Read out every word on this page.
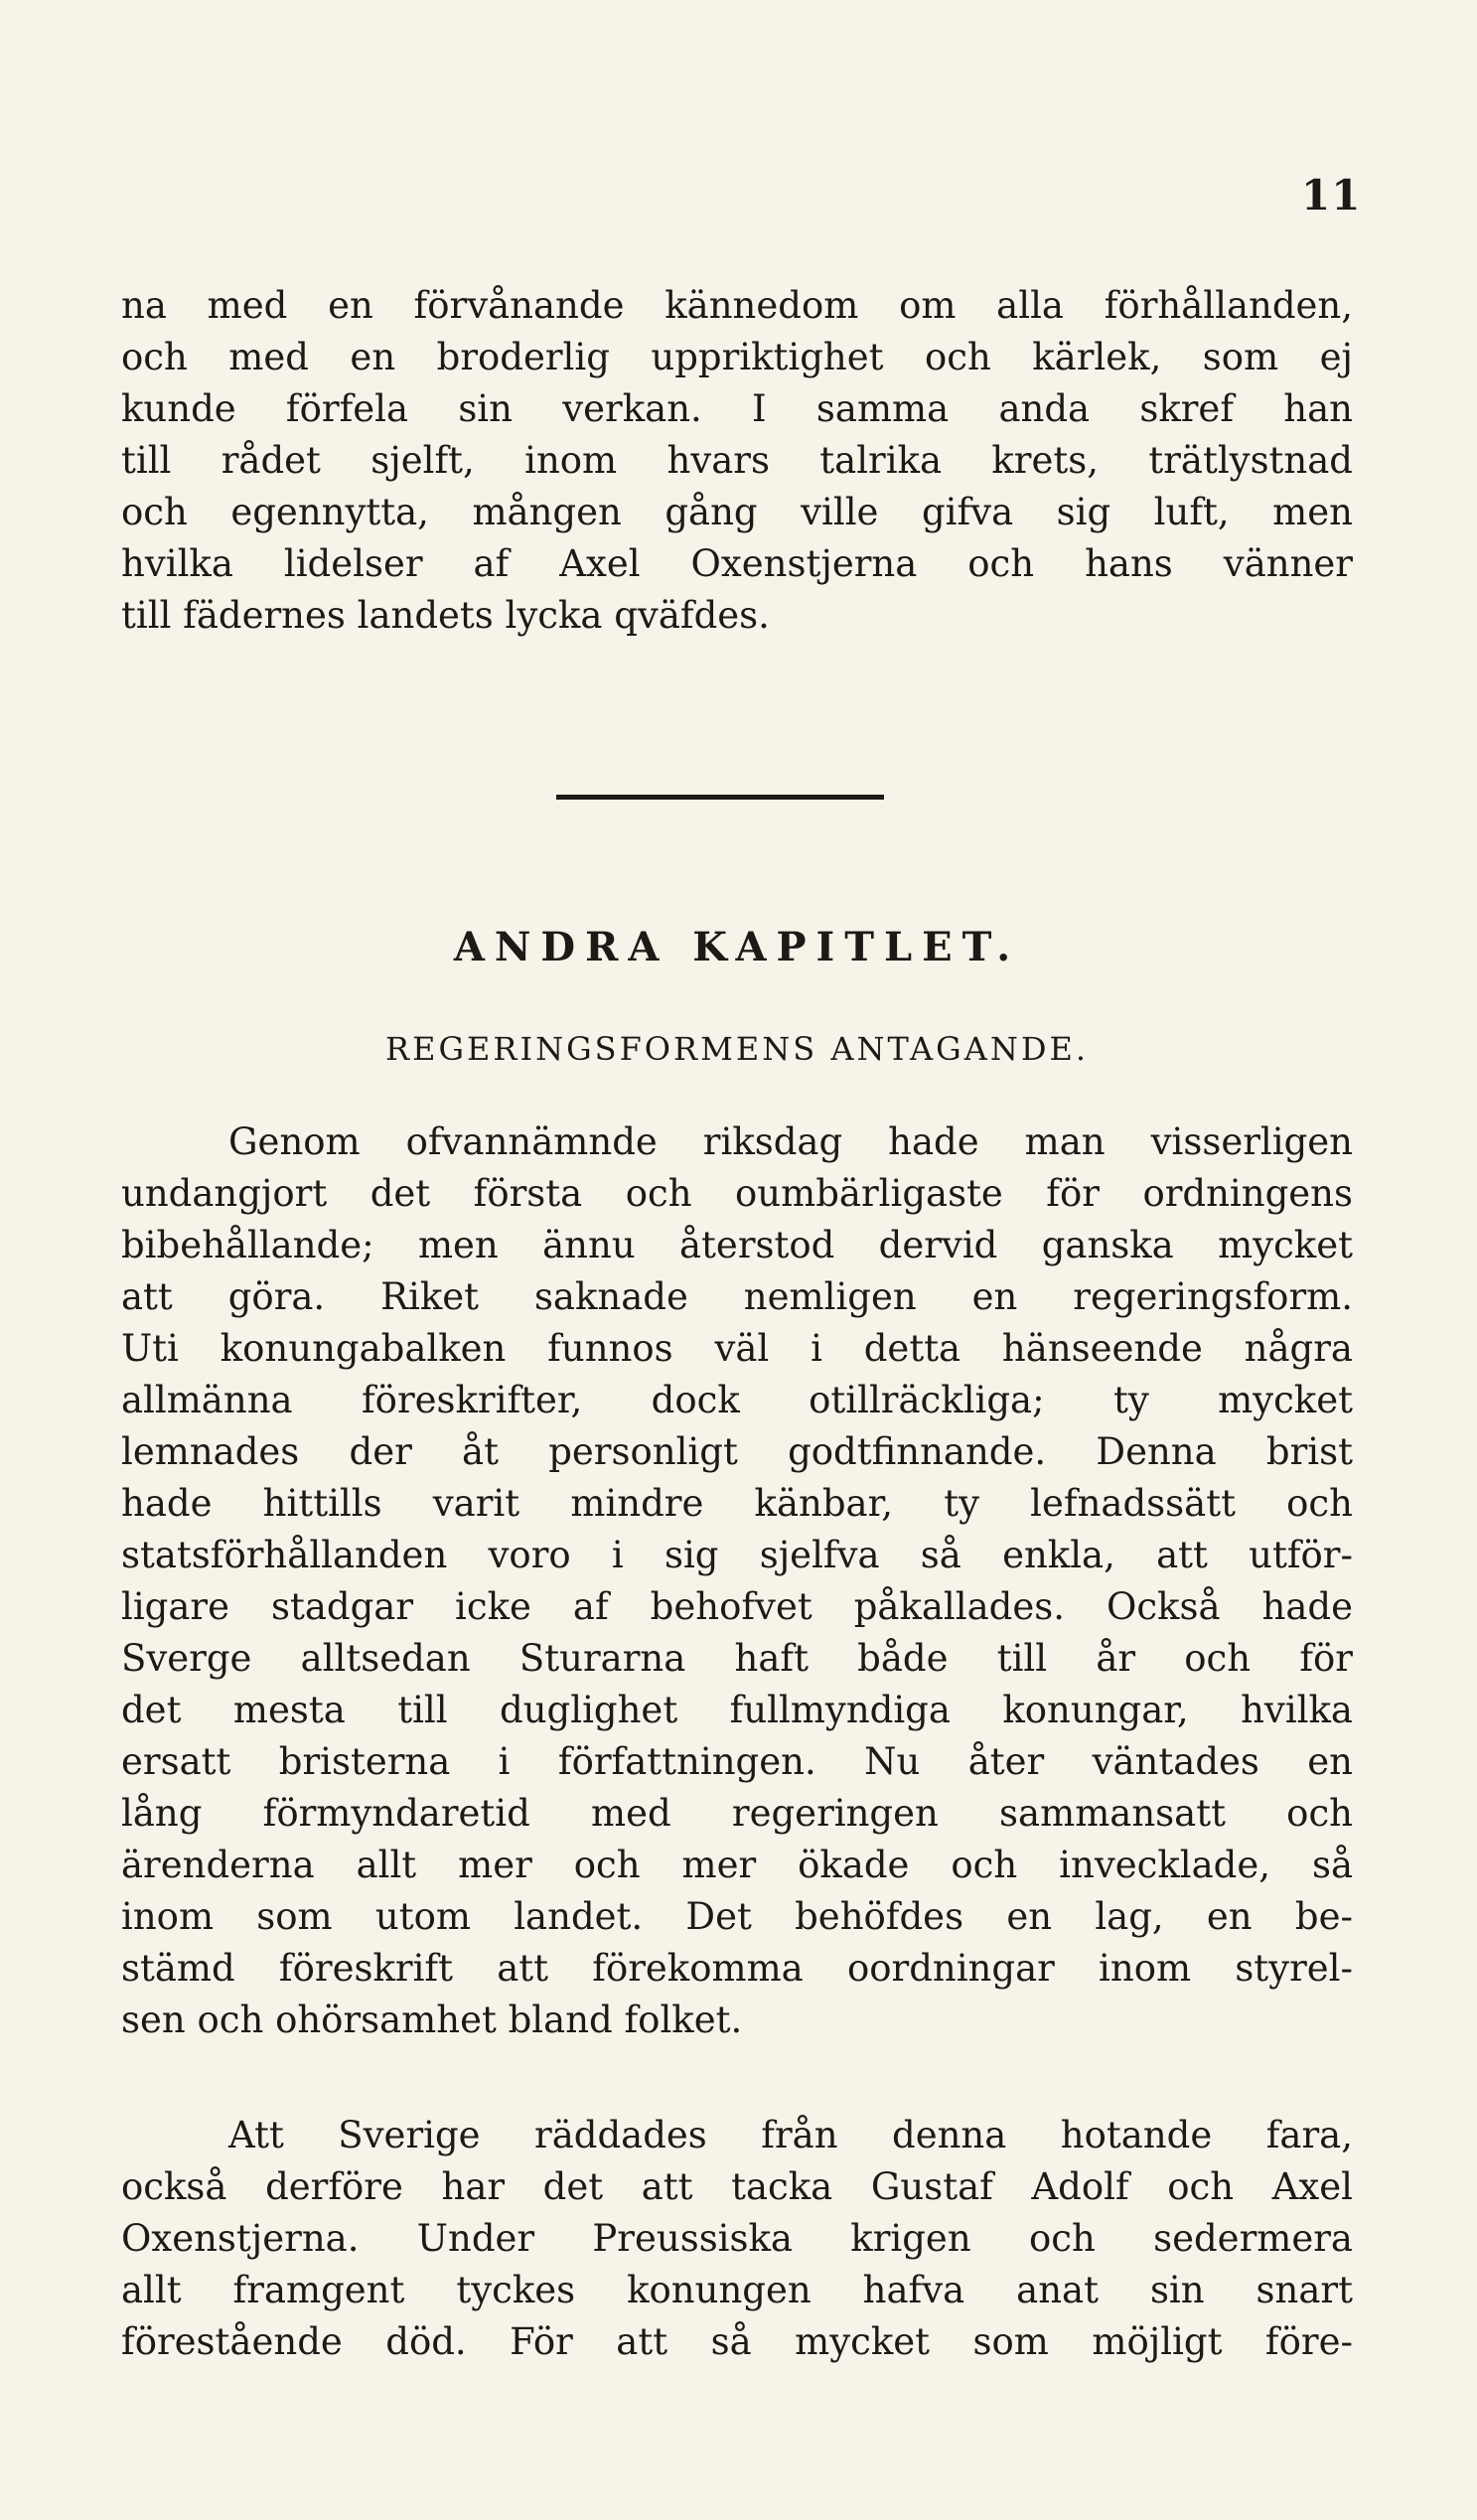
11
na med en förvånande kännedom om alla förhållanden,
och med en broderlig uppriktighet och kärlek, som ej
kunde förfela sin verkan. I samma anda skref han
till rådet sjelft, inom hvars talrika krets, trätlystnad
och egennytta, mången gång ville gifva sig luft, men
hvilka lidelser af Axel Oxenstjerna och hans vänner
till fädernes landets lycka qväfdes.
ANDRA KAPITLET.
REGERINGSFORMENS ANTAGANDE.
Genom ofvannämnde riksdag hade man visserligen
undangjort det första och oumbärligaste för ordningens
bibehållande; men ännu återstod dervid ganska mycket
att göra. Riket saknade nemligen en regeringsform.
Uti konungabalken funnos väl i detta hänseende några
allmänna föreskrifter, dock otillräckliga; ty mycket
lemnades der åt personligt godtfinnande. Denna brist
hade hittills varit mindre känbar, ty lefnadssätt och
statsförhållanden voro i sig sjelfva så enkla, att utför-
ligare stadgar icke af behofvet påkallades. Också hade
Sverge alltsedan Sturarna haft både till år och för
det mesta till duglighet fullmyndiga konungar, hvilka
ersatt bristerna i författningen. Nu åter väntades en
lång förmyndaretid med regeringen sammansatt och
ärenderna allt mer och mer ökade och invecklade, så
inom som utom landet. Det behöfdes en lag, en be-
stämd föreskrift att förekomma oordningar inom styrel-
sen och ohörsamhet bland folket.
Att Sverige räddades från denna hotande fara,
också derföre har det att tacka Gustaf Adolf och Axel
Oxenstjerna. Under Preussiska krigen och sedermera
allt framgent tyckes konungen hafva anat sin snart
förestående död. För att så mycket som möjligt före-
